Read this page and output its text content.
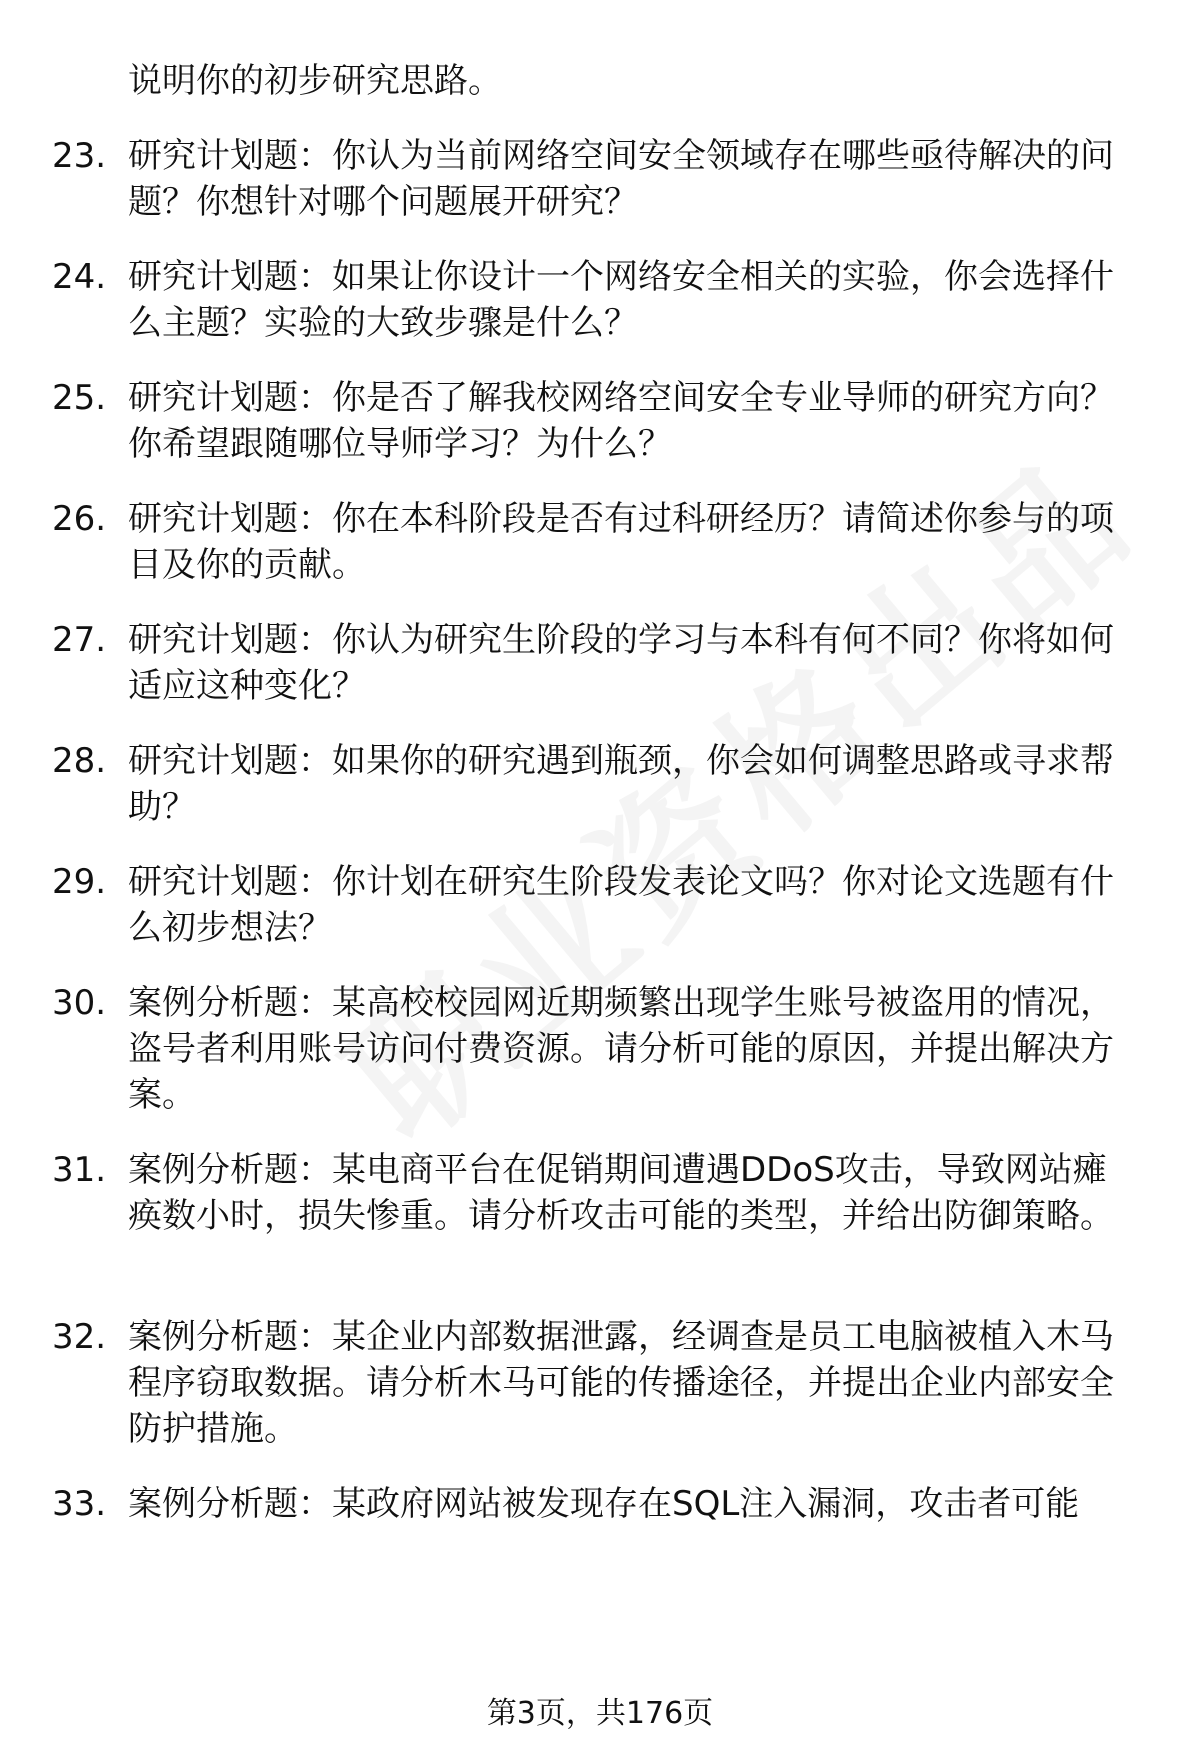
说明你的初步研究思路。

23. 研究计划题：你认为当前网络空间安全领域存在哪些亟待解决的问题？你想针对哪个问题展开研究？

24. 研究计划题：如果让你设计一个网络安全相关的实验，你会选择什么主题？实验的大致步骤是什么？

25. 研究计划题：你是否了解我校网络空间安全专业导师的研究方向？你希望跟随哪位导师学习？为什么？

26. 研究计划题：你在本科阶段是否有过科研经历？请简述你参与的项目及你的贡献。

27. 研究计划题：你认为研究生阶段的学习与本科有何不同？你将如何适应这种变化？

28. 研究计划题：如果你的研究遇到瓶颈，你会如何调整思路或寻求帮助？

29. 研究计划题：你计划在研究生阶段发表论文吗？你对论文选题有什么初步想法？

30. 案例分析题：某高校校园网近期频繁出现学生账号被盗用的情况，盗号者利用账号访问付费资源。请分析可能的原因，并提出解决方案。

31. 案例分析题：某电商平台在促销期间遭遇DDoS攻击，导致网站瘫痪数小时，损失惨重。请分析攻击可能的类型，并给出防御策略。

32. 案例分析题：某企业内部数据泄露，经调查是员工电脑被植入木马程序窃取数据。请分析木马可能的传播途径，并提出企业内部安全防护措施。

33. 案例分析题：某政府网站被发现存在SQL注入漏洞，攻击者可能

第3页，共176页
